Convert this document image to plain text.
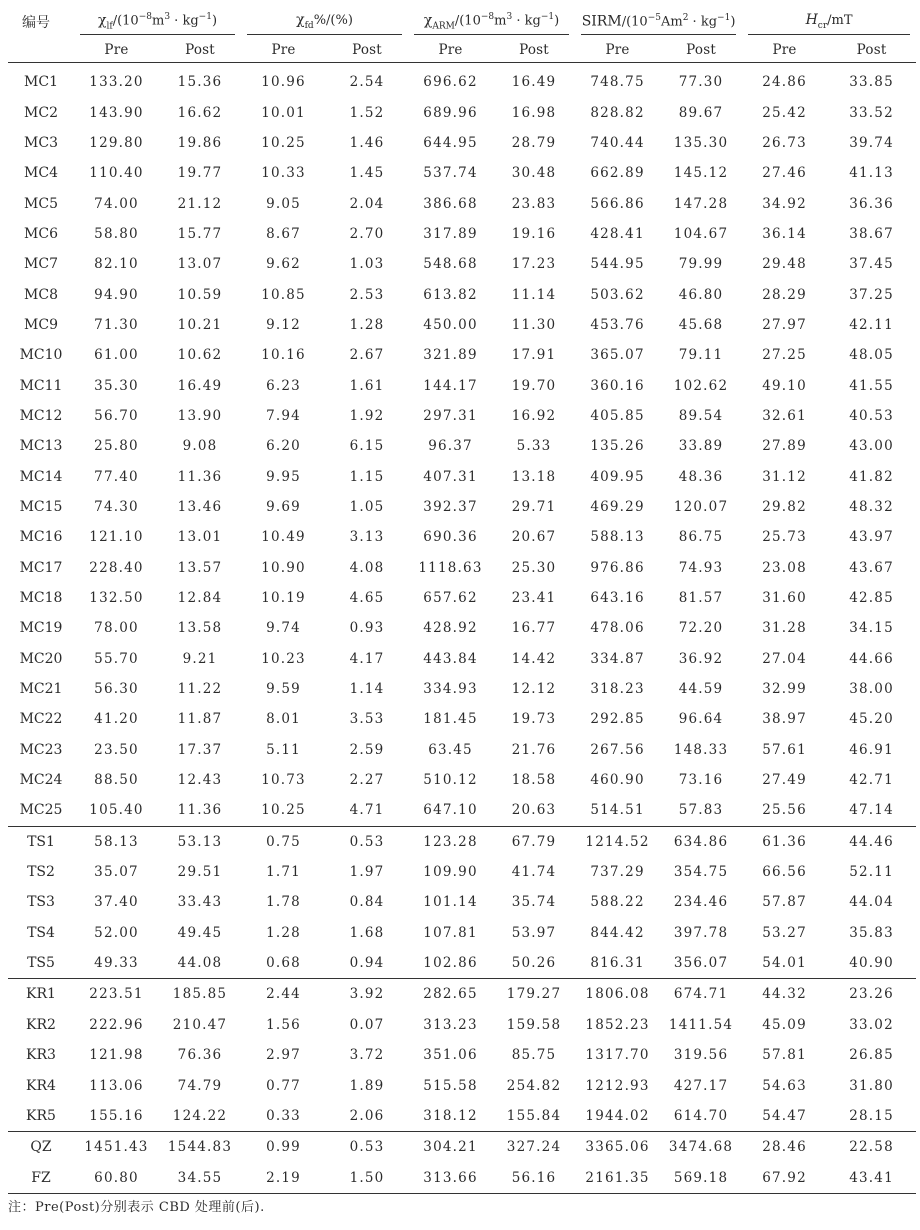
编号	$\chi_{lf}/(10^{-8}m^3 \cdot kg^{-1})$		$\chi_{fd}\%/(\%)$		$\chi_{ARM}/(10^{-8}m^3 \cdot kg^{-1})$		SIRM/$(10^{-5}Am^2 \cdot kg^{-1})$		$H_{cr}/mT$	
	Pre	Post	Pre	Post	Pre	Post	Pre	Post	Pre	Post
MC1	133.20	15.36	10.96	2.54	696.62	16.49	748.75	77.30	24.86	33.85
MC2	143.90	16.62	10.01	1.52	689.96	16.98	828.82	89.67	25.42	33.52
MC3	129.80	19.86	10.25	1.46	644.95	28.79	740.44	135.30	26.73	39.74
MC4	110.40	19.77	10.33	1.45	537.74	30.48	662.89	145.12	27.46	41.13
MC5	74.00	21.12	9.05	2.04	386.68	23.83	566.86	147.28	34.92	36.36
MC6	58.80	15.77	8.67	2.70	317.89	19.16	428.41	104.67	36.14	38.67
MC7	82.10	13.07	9.62	1.03	548.68	17.23	544.95	79.99	29.48	37.45
MC8	94.90	10.59	10.85	2.53	613.82	11.14	503.62	46.80	28.29	37.25
MC9	71.30	10.21	9.12	1.28	450.00	11.30	453.76	45.68	27.97	42.11
MC10	61.00	10.62	10.16	2.67	321.89	17.91	365.07	79.11	27.25	48.05
MC11	35.30	16.49	6.23	1.61	144.17	19.70	360.16	102.62	49.10	41.55
MC12	56.70	13.90	7.94	1.92	297.31	16.92	405.85	89.54	32.61	40.53
MC13	25.80	9.08	6.20	6.15	96.37	5.33	135.26	33.89	27.89	43.00
MC14	77.40	11.36	9.95	1.15	407.31	13.18	409.95	48.36	31.12	41.82
MC15	74.30	13.46	9.69	1.05	392.37	29.71	469.29	120.07	29.82	48.32
MC16	121.10	13.01	10.49	3.13	690.36	20.67	588.13	86.75	25.73	43.97
MC17	228.40	13.57	10.90	4.08	1118.63	25.30	976.86	74.93	23.08	43.67
MC18	132.50	12.84	10.19	4.65	657.62	23.41	643.16	81.57	31.60	42.85
MC19	78.00	13.58	9.74	0.93	428.92	16.77	478.06	72.20	31.28	34.15
MC20	55.70	9.21	10.23	4.17	443.84	14.42	334.87	36.92	27.04	44.66
MC21	56.30	11.22	9.59	1.14	334.93	12.12	318.23	44.59	32.99	38.00
MC22	41.20	11.87	8.01	3.53	181.45	19.73	292.85	96.64	38.97	45.20
MC23	23.50	17.37	5.11	2.59	63.45	21.76	267.56	148.33	57.61	46.91
MC24	88.50	12.43	10.73	2.27	510.12	18.58	460.90	73.16	27.49	42.71
MC25	105.40	11.36	10.25	4.71	647.10	20.63	514.51	57.83	25.56	47.14
TS1	58.13	53.13	0.75	0.53	123.28	67.79	1214.52	634.86	61.36	44.46
TS2	35.07	29.51	1.71	1.97	109.90	41.74	737.29	354.75	66.56	52.11
TS3	37.40	33.43	1.78	0.84	101.14	35.74	588.22	234.46	57.87	44.04
TS4	52.00	49.45	1.28	1.68	107.81	53.97	844.42	397.78	53.27	35.83
TS5	49.33	44.08	0.68	0.94	102.86	50.26	816.31	356.07	54.01	40.90
KR1	223.51	185.85	2.44	3.92	282.65	179.27	1806.08	674.71	44.32	23.26
KR2	222.96	210.47	1.56	0.07	313.23	159.58	1852.23	1411.54	45.09	33.02
KR3	121.98	76.36	2.97	3.72	351.06	85.75	1317.70	319.56	57.81	26.85
KR4	113.06	74.79	0.77	1.89	515.58	254.82	1212.93	427.17	54.63	31.80
KR5	155.16	124.22	0.33	2.06	318.12	155.84	1944.02	614.70	54.47	28.15
QZ	1451.43	1544.83	0.99	0.53	304.21	327.24	3365.06	3474.68	28.46	22.58
FZ	60.80	34.55	2.19	1.50	313.66	56.16	2161.35	569.18	67.92	43.41
注：Pre(Post)分别表示 CBD 处理前(后).
